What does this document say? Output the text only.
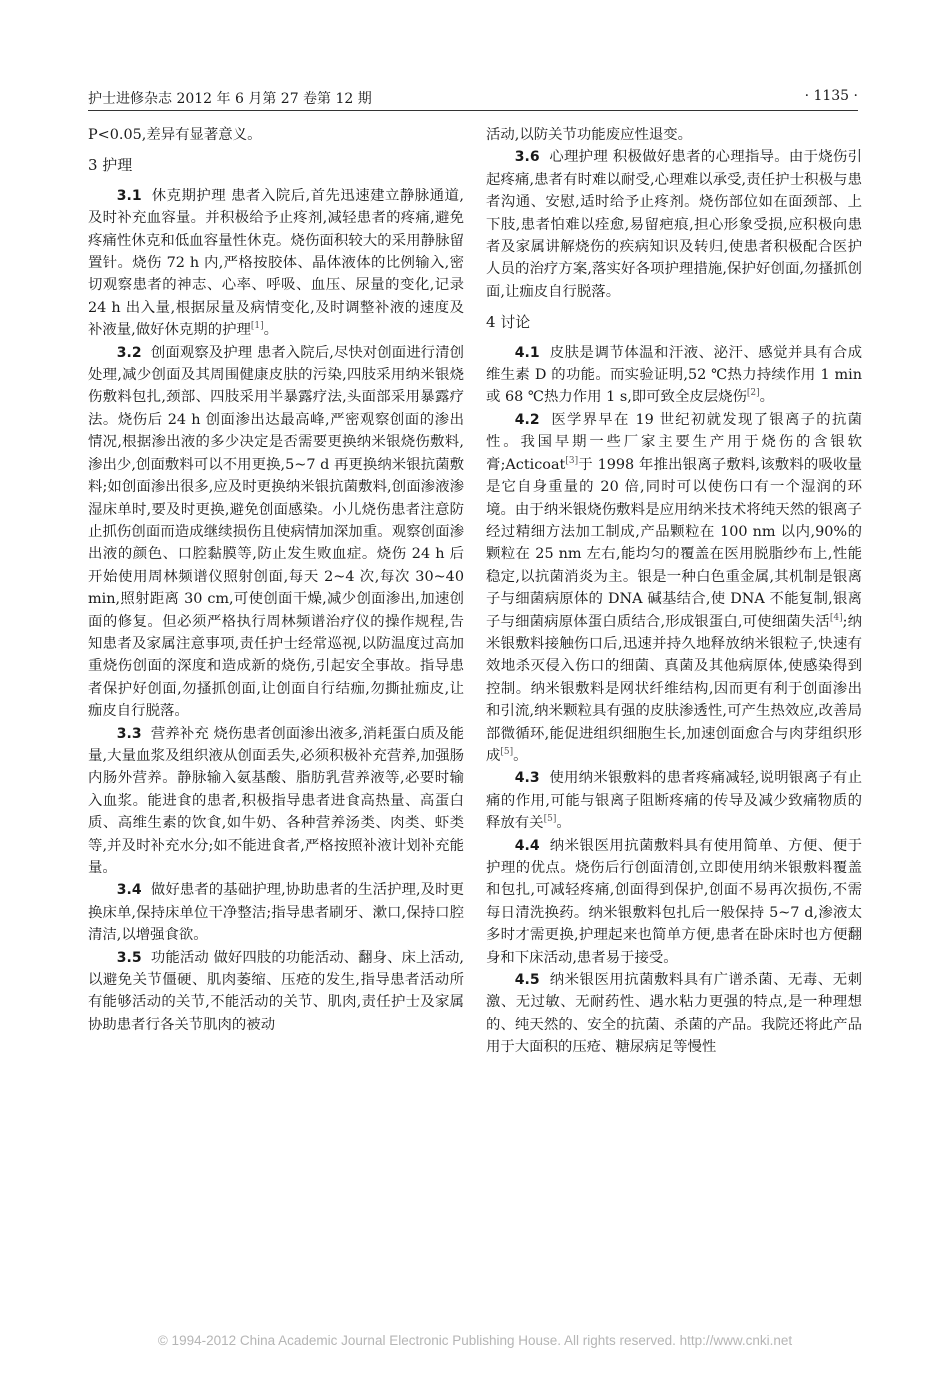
护士进修杂志 2012 年 6 月第 27 卷第 12 期	· 1135 ·

P<0.05,差异有显著意义。

3 护理

3.1 休克期护理 患者入院后,首先迅速建立静脉通道,及时补充血容量。并积极给予止疼剂,减轻患者的疼痛,避免疼痛性休克和低血容量性休克。烧伤面积较大的采用静脉留置针。烧伤 72 h 内,严格按胶体、晶体液体的比例输入,密切观察患者的神志、心率、呼吸、血压、尿量的变化,记录 24 h 出入量,根据尿量及病情变化,及时调整补液的速度及补液量,做好休克期的护理[1]。

3.2 创面观察及护理 患者入院后,尽快对创面进行清创处理,减少创面及其周围健康皮肤的污染,四肢采用纳米银烧伤敷料包扎,颈部、四肢采用半暴露疗法,头面部采用暴露疗法。烧伤后 24 h 创面渗出达最高峰,严密观察创面的渗出情况,根据渗出液的多少决定是否需要更换纳米银烧伤敷料,渗出少,创面敷料可以不用更换,5~7 d 再更换纳米银抗菌敷料;如创面渗出很多,应及时更换纳米银抗菌敷料,创面渗液渗湿床单时,要及时更换,避免创面感染。小儿烧伤患者注意防止抓伤创面而造成继续损伤且使病情加深加重。观察创面渗出液的颜色、口腔黏膜等,防止发生败血症。烧伤 24 h 后开始使用周林频谱仪照射创面,每天 2~4 次,每次 30~40 min,照射距离 30 cm,可使创面干燥,减少创面渗出,加速创面的修复。但必须严格执行周林频谱治疗仪的操作规程,告知患者及家属注意事项,责任护士经常巡视,以防温度过高加重烧伤创面的深度和造成新的烧伤,引起安全事故。指导患者保护好创面,勿搔抓创面,让创面自行结痂,勿撕扯痂皮,让痂皮自行脱落。

3.3 营养补充 烧伤患者创面渗出液多,消耗蛋白质及能量,大量血浆及组织液从创面丢失,必须积极补充营养,加强肠内肠外营养。静脉输入氨基酸、脂肪乳营养液等,必要时输入血浆。能进食的患者,积极指导患者进食高热量、高蛋白质、高维生素的饮食,如牛奶、各种营养汤类、肉类、虾类等,并及时补充水分;如不能进食者,严格按照补液计划补充能量。

3.4 做好患者的基础护理,协助患者的生活护理,及时更换床单,保持床单位干净整洁;指导患者刷牙、漱口,保持口腔清洁,以增强食欲。

3.5 功能活动 做好四肢的功能活动、翻身、床上活动,以避免关节僵硬、肌肉萎缩、压疮的发生,指导患者活动所有能够活动的关节,不能活动的关节、肌肉,责任护士及家属协助患者行各关节肌肉的被动

活动,以防关节功能废应性退变。

3.6 心理护理 积极做好患者的心理指导。由于烧伤引起疼痛,患者有时难以耐受,心理难以承受,责任护士积极与患者沟通、安慰,适时给予止疼剂。烧伤部位如在面颈部、上下肢,患者怕难以痊愈,易留疤痕,担心形象受损,应积极向患者及家属讲解烧伤的疾病知识及转归,使患者积极配合医护人员的治疗方案,落实好各项护理措施,保护好创面,勿搔抓创面,让痂皮自行脱落。

4 讨论

4.1 皮肤是调节体温和汗液、泌汗、感觉并具有合成维生素 D 的功能。而实验证明,52 ℃热力持续作用 1 min 或 68 ℃热力作用 1 s,即可致全皮层烧伤[2]。

4.2 医学界早在 19 世纪初就发现了银离子的抗菌性。我国早期一些厂家主要生产用于烧伤的含银软膏;Acticoat[3]于 1998 年推出银离子敷料,该敷料的吸收量是它自身重量的 20 倍,同时可以使伤口有一个湿润的环境。由于纳米银烧伤敷料是应用纳米技术将纯天然的银离子经过精细方法加工制成,产品颗粒在 100 nm 以内,90%的颗粒在 25 nm 左右,能均匀的覆盖在医用脱脂纱布上,性能稳定,以抗菌消炎为主。银是一种白色重金属,其机制是银离子与细菌病原体的 DNA 碱基结合,使 DNA 不能复制,银离子与细菌病原体蛋白质结合,形成银蛋白,可使细菌失活[4];纳米银敷料接触伤口后,迅速并持久地释放纳米银粒子,快速有效地杀灭侵入伤口的细菌、真菌及其他病原体,使感染得到控制。纳米银敷料是网状纤维结构,因而更有利于创面渗出和引流,纳米颗粒具有强的皮肤渗透性,可产生热效应,改善局部微循环,能促进组织细胞生长,加速创面愈合与肉芽组织形成[5]。

4.3 使用纳米银敷料的患者疼痛减轻,说明银离子有止痛的作用,可能与银离子阻断疼痛的传导及减少致痛物质的释放有关[5]。

4.4 纳米银医用抗菌敷料具有使用简单、方便、便于护理的优点。烧伤后行创面清创,立即使用纳米银敷料覆盖和包扎,可减轻疼痛,创面得到保护,创面不易再次损伤,不需每日清洗换药。纳米银敷料包扎后一般保持 5~7 d,渗液太多时才需更换,护理起来也简单方便,患者在卧床时也方便翻身和下床活动,患者易于接受。

4.5 纳米银医用抗菌敷料具有广谱杀菌、无毒、无刺激、无过敏、无耐药性、遇水粘力更强的特点,是一种理想的、纯天然的、安全的抗菌、杀菌的产品。我院还将此产品用于大面积的压疮、糖尿病足等慢性

© 1994-2012 China Academic Journal Electronic Publishing House. All rights reserved. http://www.cnki.net
